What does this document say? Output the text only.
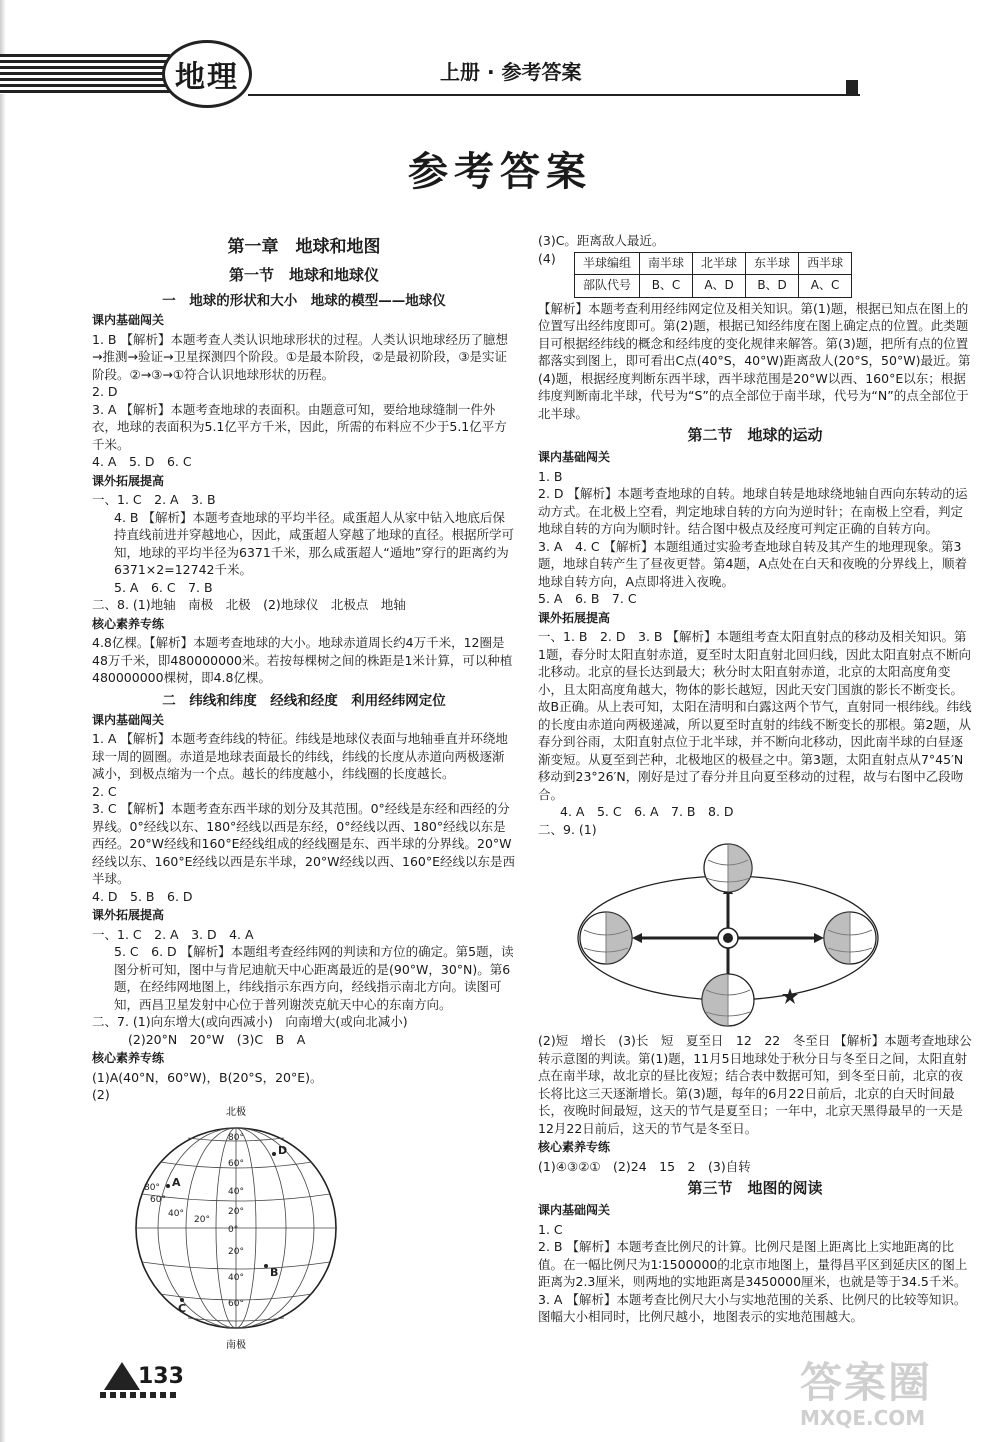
地理	上册 · 参考答案
参考答案
第一章　地球和地图
第一节　地球和地球仪
一　地球的形状和大小　地球的模型——地球仪
课内基础闯关

1. B 【解析】本题考查人类认识地球形状的过程。人类认识地球经历了臆想→推测→验证→卫星探测四个阶段。①是最本阶段，②是最初阶段，③是实证阶段。②→③→①符合认识地球形状的历程。

2. D

3. A 【解析】本题考查地球的表面积。由题意可知，要给地球缝制一件外衣，地球的表面积为5.1亿平方千米，因此，所需的布料应不少于5.1亿平方千米。

4. A　5. D　6. C

课外拓展提高

一、1. C　2. A　3. B

4. B 【解析】本题考查地球的平均半径。咸蛋超人从家中钻入地底后保持直线前进并穿越地心，因此，咸蛋超人穿越了地球的直径。根据所学可知，地球的平均半径为6371千米，那么咸蛋超人“遁地”穿行的距离约为6371×2=12742千米。

5. A　6. C　7. B

二、8. (1)地轴　南极　北极　(2)地球仪　北极点　地轴

核心素养专练

4.8亿棵。【解析】本题考查地球的大小。地球赤道周长约4万千米，12圈是48万千米，即480000000米。若按每棵树之间的株距是1米计算，可以种植480000000棵树，即4.8亿棵。

二　纬线和纬度　经线和经度　利用经纬网定位
课内基础闯关

1. A 【解析】本题考查纬线的特征。纬线是地球仪表面与地轴垂直并环绕地球一周的圆圈。赤道是地球表面最长的纬线，纬线的长度从赤道向两极逐渐减小，到极点缩为一个点。越长的纬度越小，纬线圈的长度越长。

2. C

3. C 【解析】本题考查东西半球的划分及其范围。0°经线是东经和西经的分界线。0°经线以东、180°经线以西是东经，0°经线以西、180°经线以东是西经。20°W经线和160°E经线组成的经线圈是东、西半球的分界线。20°W经线以东、160°E经线以西是东半球，20°W经线以西、160°E经线以东是西半球。

4. D　5. B　6. D

课外拓展提高

一、1. C　2. A　3. D　4. A

5. C　6. D 【解析】本题组考查经纬网的判读和方位的确定。第5题，读图分析可知，图中与肯尼迪航天中心距离最近的是(90°W，30°N)。第6题，在经纬网地图上，纬线指示东西方向，经线指示南北方向。读图可知，西昌卫星发射中心位于普列谢茨克航天中心的东南方向。

二、7. (1)向东增大(或向西减小)　向南增大(或向北减小)

(2)20°N　20°W　(3)C　B　A

核心素养专练

(1)A(40°N，60°W)，B(20°S，20°E)。

(2)

北极
80°
60°
40°
20°
0°
20°
40°
60°
80°
60°
40°
20°
A
B
C
D
南极

(3)C。距离敌人最近。

(4)	半球编组	南半球	北半球	东半球	西半球
部队代号	B、C	A、D	B、D	A、C

【解析】本题考查利用经纬网定位及相关知识。第(1)题，根据已知点在图上的位置写出经纬度即可。第(2)题，根据已知经纬度在图上确定点的位置。此类题目可根据经纬线的概念和经纬度的变化规律来解答。第(3)题，把所有点的位置都落实到图上，即可看出C点(40°S，40°W)距离敌人(20°S，50°W)最近。第(4)题，根据经度判断东西半球，西半球范围是20°W以西、160°E以东；根据纬度判断南北半球，代号为“S”的点全部位于南半球，代号为“N”的点全部位于北半球。

第二节　地球的运动
课内基础闯关

1. B

2. D 【解析】本题考查地球的自转。地球自转是地球绕地轴自西向东转动的运动方式。在北极上空看，判定地球自转的方向为逆时针；在南极上空看，判定地球自转的方向为顺时针。结合图中极点及经度可判定正确的自转方向。

3. A　4. C 【解析】本题组通过实验考查地球自转及其产生的地理现象。第3题，地球自转产生了昼夜更替。第4题，A点处在白天和夜晚的分界线上，顺着地球自转方向，A点即将进入夜晚。

5. A　6. B　7. C

课外拓展提高

一、1. B　2. D　3. B 【解析】本题组考查太阳直射点的移动及相关知识。第1题，春分时太阳直射赤道，夏至时太阳直射北回归线，因此太阳直射点不断向北移动。北京的昼长达到最大；秋分时太阳直射赤道，北京的太阳高度角变小，且太阳高度角越大，物体的影长越短，因此天安门国旗的影长不断变长。故B正确。从上表可知，太阳在清明和白露这两个节气，直射同一根纬线。纬线的长度由赤道向两极递减，所以夏至时直射的纬线不断变长的那根。第2题，从春分到谷雨，太阳直射点位于北半球，并不断向北移动，因此南半球的白昼逐渐变短。从夏至到芒种，北极地区的极昼之中。第3题，太阳直射点从7°45′N移动到23°26′N，刚好是过了春分并且向夏至移动的过程，故与右图中乙段吻合。

4. A　5. C　6. A　7. B　8. D

二、9. (1)

(2)短　增长　(3)长　短　夏至日　12　22　冬至日 【解析】本题考查地球公转示意图的判读。第(1)题，11月5日地球处于秋分日与冬至日之间，太阳直射点在南半球，故北京的昼比夜短；结合表中数据可知，到冬至日前，北京的夜长将比这三天逐渐增长。第(3)题，每年的6月22日前后，北京的白天时间最长，夜晚时间最短，这天的节气是夏至日；一年中，北京天黑得最早的一天是12月22日前后，这天的节气是冬至日。

核心素养专练

(1)④③②①　(2)24　15　2　(3)自转

第三节　地图的阅读
课内基础闯关

1. C

2. B 【解析】本题考查比例尺的计算。比例尺是图上距离比上实地距离的比值。在一幅比例尺为1∶1500000的北京市地图上，量得昌平区到延庆区的图上距离为2.3厘米，则两地的实地距离是3450000厘米，也就是等于34.5千米。

3. A 【解析】本题考查比例尺大小与实地范围的关系、比例尺的比较等知识。图幅大小相同时，比例尺越小，地图表示的实地范围越大。

133	答案圈
MXQE.COM
